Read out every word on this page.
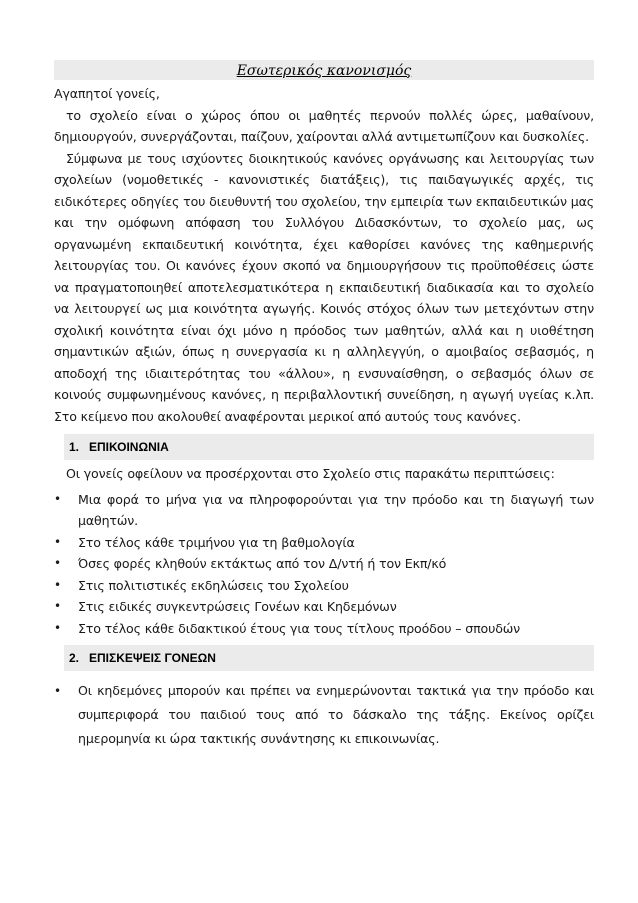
Εσωτερικός κανονισμός

Αγαπητοί γονείς,

το σχολείο είναι ο χώρος όπου οι μαθητές περνούν πολλές ώρες, μαθαίνουν, δημιουργούν, συνεργάζονται, παίζουν, χαίρονται αλλά αντιμετωπίζουν και δυσκολίες.

Σύμφωνα με τους ισχύοντες διοικητικούς κανόνες οργάνωσης και λειτουργίας των σχολείων (νομοθετικές - κανονιστικές διατάξεις), τις παιδαγωγικές αρχές, τις ειδικότερες οδηγίες του διευθυντή του σχολείου, την εμπειρία των εκπαιδευτικών μας και την ομόφωνη απόφαση του Συλλόγου Διδασκόντων, το σχολείο μας, ως οργανωμένη εκπαιδευτική κοινότητα, έχει καθορίσει κανόνες της καθημερινής λειτουργίας του. Οι κανόνες έχουν σκοπό να δημιουργήσουν τις προϋποθέσεις ώστε να πραγματοποιηθεί αποτελεσματικότερα η εκπαιδευτική διαδικασία και το σχολείο να λειτουργεί ως μια κοινότητα αγωγής. Κοινός στόχος όλων των μετεχόντων στην σχολική κοινότητα είναι όχι μόνο η πρόοδος των μαθητών, αλλά και η υιοθέτηση σημαντικών αξιών, όπως η συνεργασία κι η αλληλεγγύη, ο αμοιβαίος σεβασμός, η αποδοχή της ιδιαιτερότητας του «άλλου», η ενσυναίσθηση, ο σεβασμός όλων σε κοινούς συμφωνημένους κανόνες, η περιβαλλοντική συνείδηση, η αγωγή υγείας κ.λπ. Στο κείμενο που ακολουθεί αναφέρονται μερικοί από αυτούς τους κανόνες.

1. ΕΠΙΚΟΙΝΩΝΙΑ

Οι γονείς οφείλουν να προσέρχονται στο Σχολείο στις παρακάτω περιπτώσεις:

• Μια φορά το μήνα για να πληροφορούνται για την πρόοδο και τη διαγωγή των μαθητών.
• Στο τέλος κάθε τριμήνου για τη βαθμολογία
• Όσες φορές κληθούν εκτάκτως από τον Δ/ντή ή τον Εκπ/κό
• Στις πολιτιστικές εκδηλώσεις του Σχολείου
• Στις ειδικές συγκεντρώσεις Γονέων και Κηδεμόνων
• Στο τέλος κάθε διδακτικού έτους για τους τίτλους προόδου – σπουδών
2. ΕΠΙΣΚΕΨΕΙΣ ΓΟΝΕΩΝ
• Οι κηδεμόνες μπορούν και πρέπει να ενημερώνονται τακτικά για την πρόοδο και συμπεριφορά του παιδιού τους από το δάσκαλο της τάξης. Εκείνος ορίζει ημερομηνία κι ώρα τακτικής συνάντησης κι επικοινωνίας.
